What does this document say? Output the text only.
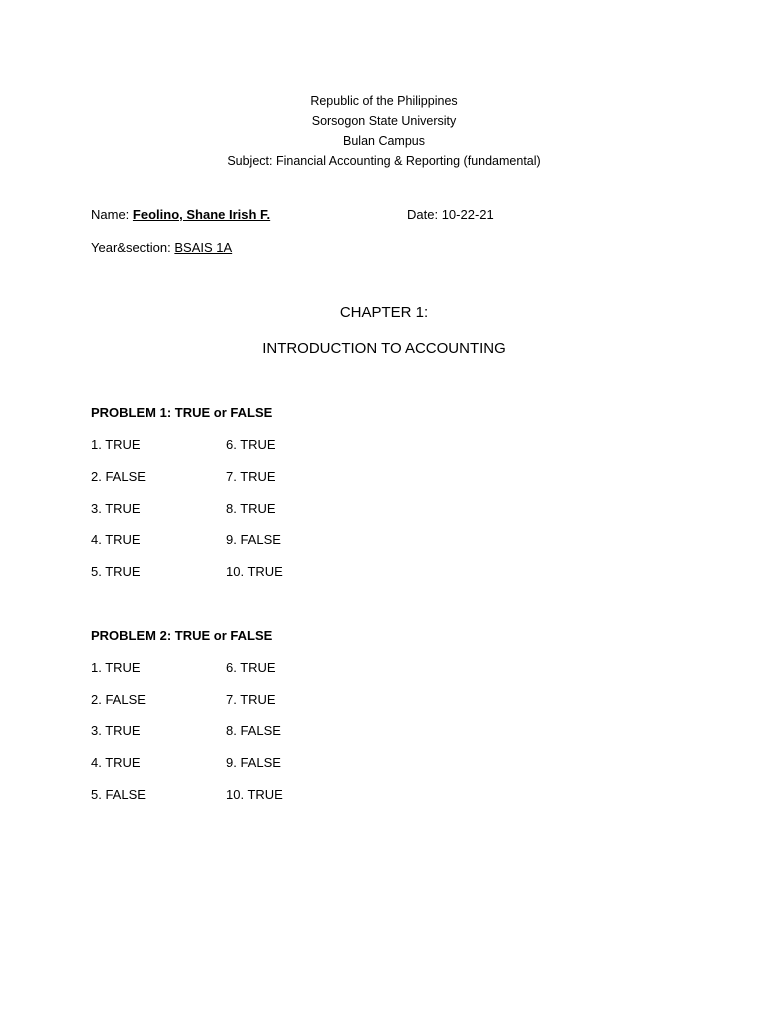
Republic of the Philippines
Sorsogon State University
Bulan Campus
Subject: Financial Accounting & Reporting (fundamental)
Name: Feolino, Shane Irish F.	Date: 10-22-21
Year&section: BSAIS 1A
CHAPTER 1:
INTRODUCTION TO ACCOUNTING
PROBLEM 1: TRUE or FALSE
1. TRUE
2. FALSE
3. TRUE
4. TRUE
5. TRUE
6. TRUE
7. TRUE
8. TRUE
9. FALSE
10. TRUE
PROBLEM 2: TRUE or FALSE
1. TRUE
2. FALSE
3. TRUE
4. TRUE
5. FALSE
6. TRUE
7. TRUE
8. FALSE
9. FALSE
10. TRUE
